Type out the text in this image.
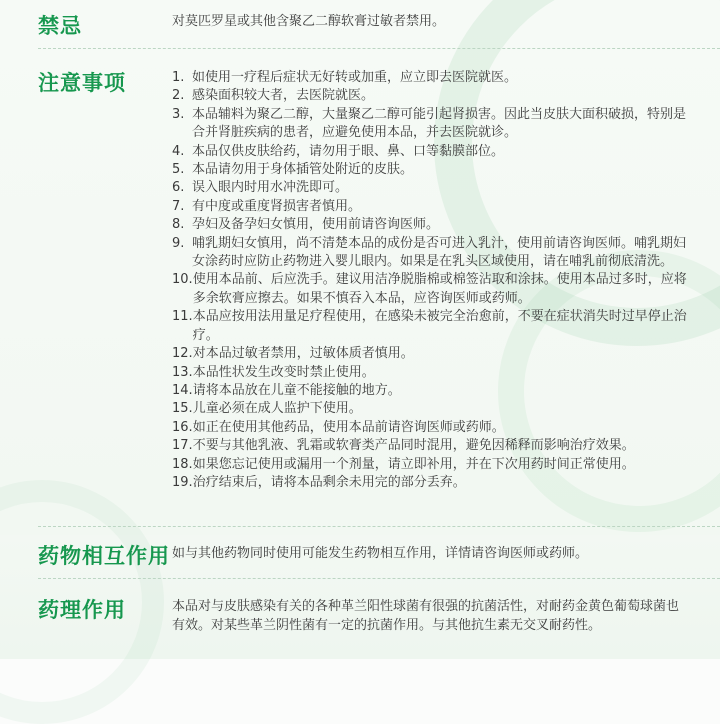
禁忌	对莫匹罗星或其他含聚乙二醇软膏过敏者禁用。
注意事项	1. 如使用一疗程后症状无好转或加重，应立即去医院就医。
2. 感染面积较大者，去医院就医。
3. 本品辅料为聚乙二醇，大量聚乙二醇可能引起肾损害。因此当皮肤大面积破损，特别是合并肾脏疾病的患者，应避免使用本品，并去医院就诊。
4. 本品仅供皮肤给药，请勿用于眼、鼻、口等黏膜部位。
5. 本品请勿用于身体插管处附近的皮肤。
6. 误入眼内时用水冲洗即可。
7. 有中度或重度肾损害者慎用。
8. 孕妇及备孕妇女慎用，使用前请咨询医师。
9. 哺乳期妇女慎用，尚不清楚本品的成份是否可进入乳汁，使用前请咨询医师。哺乳期妇女涂药时应防止药物进入婴儿眼内。如果是在乳头区域使用，请在哺乳前彻底清洗。
10. 使用本品前、后应洗手。建议用洁净脱脂棉或棉签沾取和涂抹。使用本品过多时，应将多余软膏应擦去。如果不慎吞入本品，应咨询医师或药师。
11. 本品应按用法用量足疗程使用，在感染未被完全治愈前，不要在症状消失时过早停止治疗。
12. 对本品过敏者禁用，过敏体质者慎用。
13. 本品性状发生改变时禁止使用。
14. 请将本品放在儿童不能接触的地方。
15. 儿童必须在成人监护下使用。
16. 如正在使用其他药品，使用本品前请咨询医师或药师。
17. 不要与其他乳液、乳霜或软膏类产品同时混用，避免因稀释而影响治疗效果。
18. 如果您忘记使用或漏用一个剂量，请立即补用，并在下次用药时间正常使用。
19. 治疗结束后，请将本品剩余未用完的部分丢弃。
药物相互作用 如与其他药物同时使用可能发生药物相互作用，详情请咨询医师或药师。
药理作用	本品对与皮肤感染有关的各种革兰阳性球菌有很强的抗菌活性，对耐药金黄色葡萄球菌也有效。对某些革兰阴性菌有一定的抗菌作用。与其他抗生素无交叉耐药性。
